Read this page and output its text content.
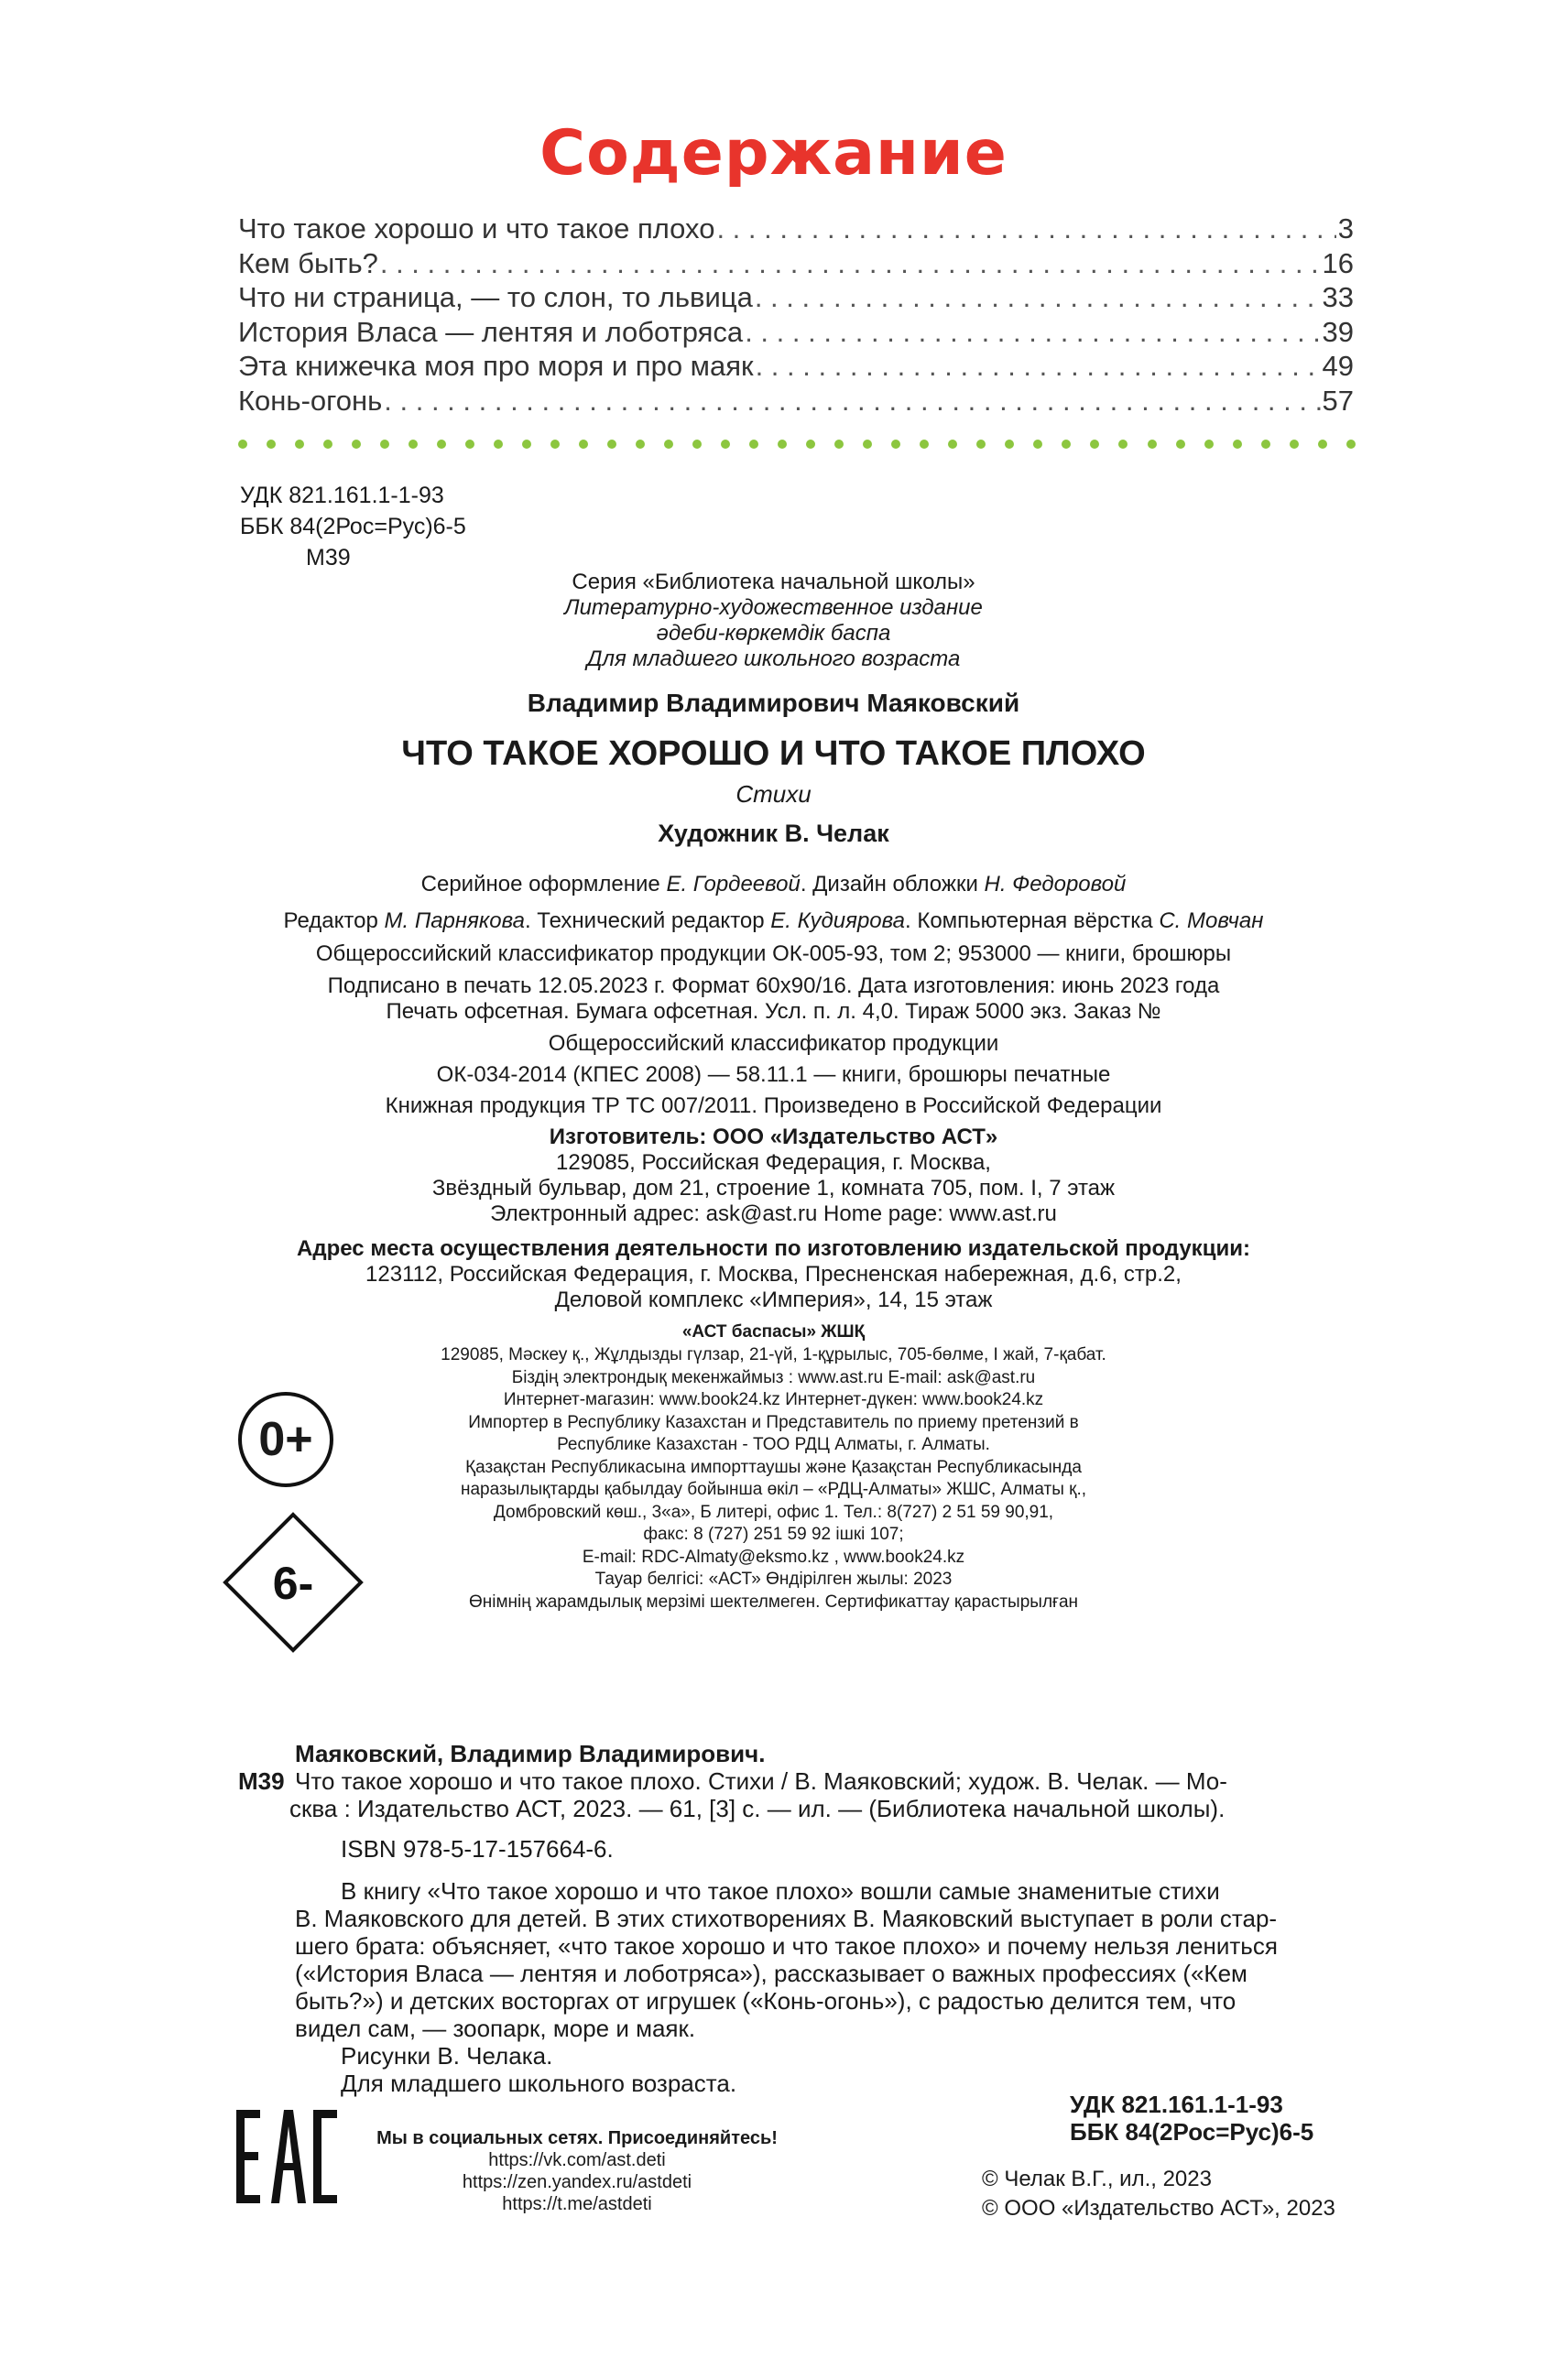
Содержание
Что такое хорошо и что такое плохо . . .	3
Кем быть? . . .	16
Что ни страница, — то слон, то львица . . .	33
История Власа — лентяя и лоботряса . . .	39
Эта книжечка моя про моря и про маяк . . .	49
Конь-огонь . . .	57
УДК 821.161.1-1-93
ББК 84(2Рос=Рус)6-5
М39
Серия «Библиотека начальной школы»
Литературно-художественное издание
әдеби-көркемдік баспа
Для младшего школьного возраста
Владимир Владимирович Маяковский
ЧТО ТАКОЕ ХОРОШО И ЧТО ТАКОЕ ПЛОХО
Стихи
Художник В. Челак
Серийное оформление Е. Гордеевой. Дизайн обложки Н. Федоровой
Редактор М. Парнякова. Технический редактор Е. Кудиярова. Компьютерная вёрстка С. Мовчан
Общероссийский классификатор продукции ОК-005-93, том 2; 953000 — книги, брошюры
Подписано в печать 12.05.2023 г. Формат 60x90/16. Дата изготовления: июнь 2023 года
Печать офсетная. Бумага офсетная. Усл. п. л. 4,0. Тираж 5000 экз. Заказ №
Общероссийский классификатор продукции
ОК-034-2014 (КПЕС 2008) — 58.11.1 — книги, брошюры печатные
Книжная продукция ТР ТС 007/2011. Произведено в Российской Федерации
Изготовитель: ООО «Издательство АСТ»
129085, Российская Федерация, г. Москва,
Звёздный бульвар, дом 21, строение 1, комната 705, пом. I, 7 этаж
Электронный адрес: ask@ast.ru Home page: www.ast.ru
Адрес места осуществления деятельности по изготовлению издательской продукции:
123112, Российская Федерация, г. Москва, Пресненская набережная, д.6, стр.2,
Деловой комплекс «Империя», 14, 15 этаж
«АСТ баспасы» ЖШҚ
129085, Мәскеу қ., Жұлдызды гүлзар, 21-үй, 1-құрылыс, 705-бөлме, I жай, 7-қабат.
Біздің электрондық мекенжаймыз : www.ast.ru E-mail: ask@ast.ru
Интернет-магазин: www.book24.kz Интернет-дүкен: www.book24.kz
Импортер в Республику Казахстан и Представитель по приему претензий в
Республике Казахстан - ТОО РДЦ Алматы, г. Алматы.
Қазақстан Республикасына импорттаушы және Қазақстан Республикасында
наразылықтарды қабылдау бойынша өкіл – «РДЦ-Алматы» ЖШС, Алматы қ.,
Домбровский көш., 3«а», Б литері, офис 1. Тел.: 8(727) 2 51 59 90,91,
факс: 8 (727) 251 59 92 ішкі 107;
E-mail: RDC-Almaty@eksmo.kz , www.book24.kz
Тауар белгісі: «АСТ» Өндірілген жылы: 2023
Өнімнің жарамдылық мерзімі шектелмеген. Сертификаттау қарастырылған
0+
6-
Маяковский, Владимир Владимирович.
М39 Что такое хорошо и что такое плохо. Стихи / В. Маяковский; худож. В. Челак. — Мо-
сква : Издательство АСТ, 2023. — 61, [3] с. — ил. — (Библиотека начальной школы).
ISBN 978-5-17-157664-6.
В книгу «Что такое хорошо и что такое плохо» вошли самые знаменитые стихи
В. Маяковского для детей. В этих стихотворениях В. Маяковский выступает в роли стар-
шего брата: объясняет, «что такое хорошо и что такое плохо» и почему нельзя лениться
(«История Власа — лентяя и лоботряса»), рассказывает о важных профессиях («Кем
быть?») и детских восторгах от игрушек («Конь-огонь»), с радостью делится тем, что
видел сам, — зоопарк, море и маяк.
Рисунки В. Челака.
Для младшего школьного возраста.
EAC
Мы в социальных сетях. Присоединяйтесь!
https://vk.com/ast.deti
https://zen.yandex.ru/astdeti
https://t.me/astdeti
УДК 821.161.1-1-93
ББК 84(2Рос=Рус)6-5
© Челак В.Г., ил., 2023
© ООО «Издательство АСТ», 2023
